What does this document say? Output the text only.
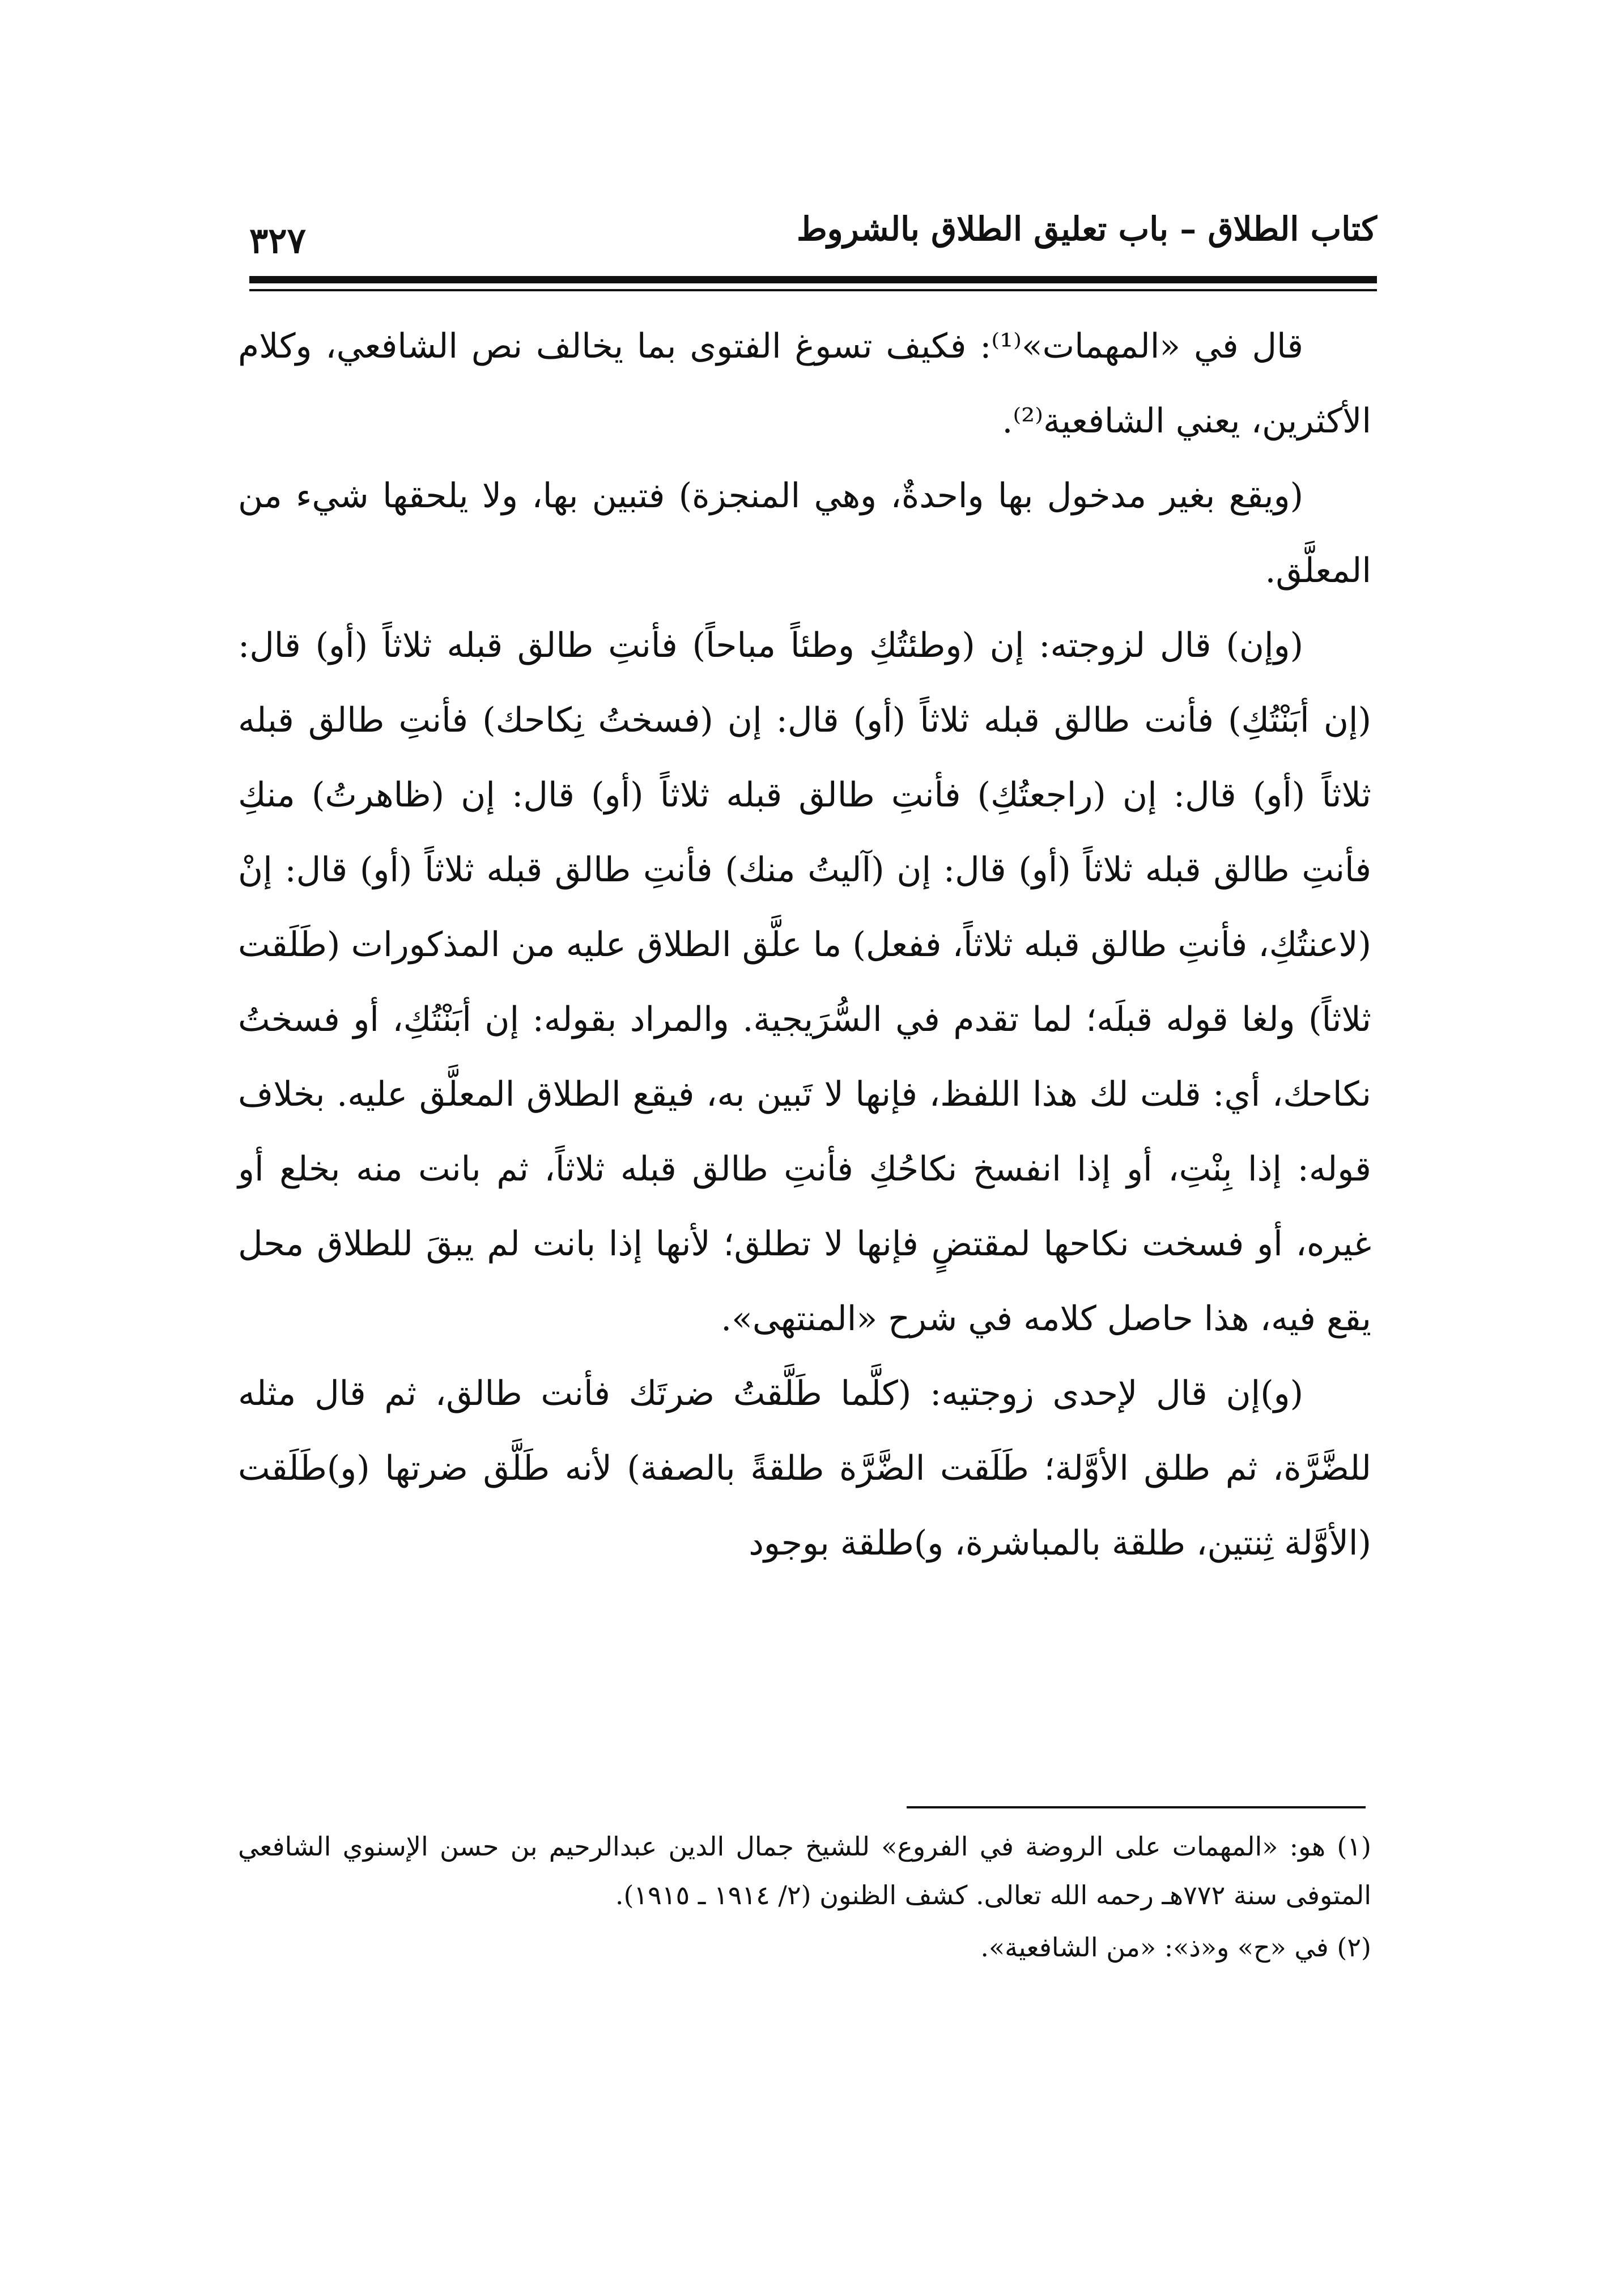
كتاب الطلاق – باب تعليق الطلاق بالشروط
٣٢٧

قال في «المهمات»⁽¹⁾: فكيف تسوغ الفتوى بما يخالف نص الشافعي، وكلام الأكثرين، يعني الشافعية⁽²⁾.

(ويقع بغير مدخول بها واحدةٌ، وهي المنجزة) فتبين بها، ولا يلحقها شيء من المعلَّق.

(وإن) قال لزوجته: إن (وطئتُكِ وطئاً مباحاً) فأنتِ طالق قبله ثلاثاً (أو) قال: (إن أبَنْتُكِ) فأنت طالق قبله ثلاثاً (أو) قال: إن (فسختُ نِكاحك) فأنتِ طالق قبله ثلاثاً (أو) قال: إن (راجعتُكِ) فأنتِ طالق قبله ثلاثاً (أو) قال: إن (ظاهرتُ) منكِ فأنتِ طالق قبله ثلاثاً (أو) قال: إن (آليتُ منك) فأنتِ طالق قبله ثلاثاً (أو) قال: إنْ (لاعنتُكِ، فأنتِ طالق قبله ثلاثاً، ففعل) ما علَّق الطلاق عليه من المذكورات (طَلَقت ثلاثاً) ولغا قوله قبلَه؛ لما تقدم في السُّرَيجية. والمراد بقوله: إن أبَنْتُكِ، أو فسختُ نكاحك، أي: قلت لك هذا اللفظ، فإنها لا تَبين به، فيقع الطلاق المعلَّق عليه. بخلاف قوله: إذا بِنْتِ، أو إذا انفسخ نكاحُكِ فأنتِ طالق قبله ثلاثاً، ثم بانت منه بخلع أو غيره، أو فسخت نكاحها لمقتضٍ فإنها لا تطلق؛ لأنها إذا بانت لم يبقَ للطلاق محل يقع فيه، هذا حاصل كلامه في شرح «المنتهى».

(و)إن قال لإحدى زوجتيه: (كلَّما طَلَّقتُ ضرتَك فأنت طالق، ثم قال مثله للضَّرَّة، ثم طلق الأوَّلة؛ طَلَقت الضَّرَّة طلقةً بالصفة) لأنه طَلَّق ضرتها (و)طَلَقت (الأوَّلة ثِنتين، طلقة بالمباشرة، و)طلقة بوجود

(١) هو: «المهمات على الروضة في الفروع» للشيخ جمال الدين عبدالرحيم بن حسن الإسنوي الشافعي المتوفى سنة ٧٧٢هـ رحمه الله تعالى. كشف الظنون (٢/ ١٩١٤ ـ ١٩١٥).

(٢) في «ح» و«ذ»: «من الشافعية».
